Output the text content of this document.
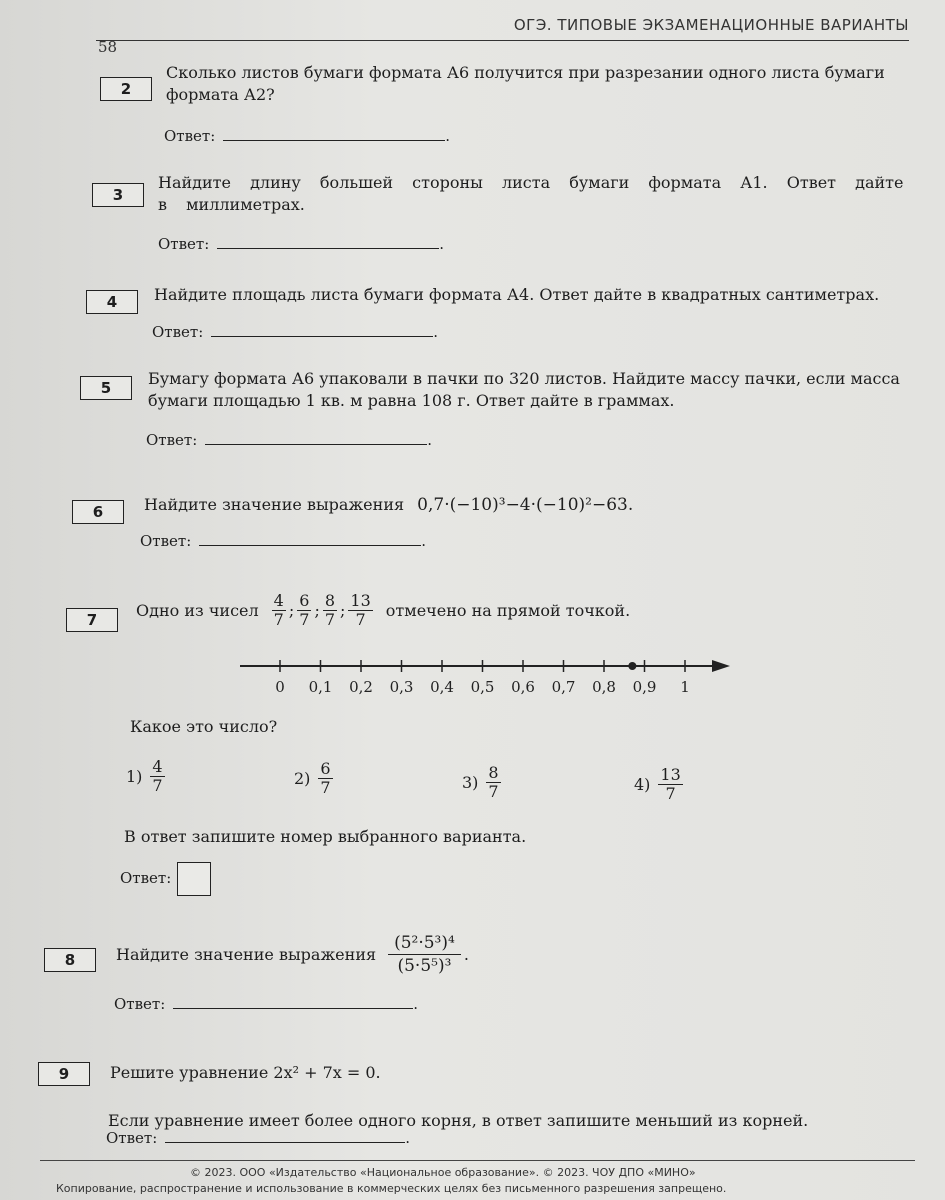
ОГЭ. ТИПОВЫЕ ЭКЗАМЕНАЦИОННЫЕ ВАРИАНТЫ
58
2
Сколько листов бумаги формата А6 получится при разрезании одного листа бумаги формата А2?
Ответ:	.
3
Найдите длину большей стороны листа бумаги формата А1. Ответ дайте в миллиметрах.
Ответ:	.
4	Найдите площадь листа бумаги формата А4. Ответ дайте в квадратных сантиметрах.
Ответ:	.
5	Бумагу формата А6 упаковали в пачки по 320 листов. Найдите массу пачки, если масса бумаги площадью 1 кв. м равна 108 г. Ответ дайте в граммах.
Ответ:	.
6	Найдите значение выражения 0,7·(−10)³−4·(−10)²−63.
Ответ:	.
7
Одно из чисел $\frac{4}{7}$ ; $\frac{6}{7}$ ; $\frac{8}{7}$ ; $\frac{13}{7}$ отмечено на прямой точкой.
0 0,1 0,2 0,3 0,4 0,5 0,6 0,7 0,8 0,9 1
Какое это число?
$1) \frac{4}{7}$	$2) \frac{6}{7}$	$3) \frac{8}{7}$	$4) \frac{13}{7}$
В ответ запишите номер выбранного варианта.
Ответ:
8	Найдите значение выражения $\frac{\text{(5²·5³)⁴}}{\text{(5·5⁵)³}}$ .
Ответ:	.
9	Решите уравнение 2x² + 7x = 0.
Если уравнение имеет более одного корня, в ответ запишите меньший из корней.
Ответ:	.
© 2023. ООО «Издательство «Национальное образование». © 2023. ЧОУ ДПО «МИНО»
Копирование, распространение и использование в коммерческих целях без письменного разрешения запрещено.
